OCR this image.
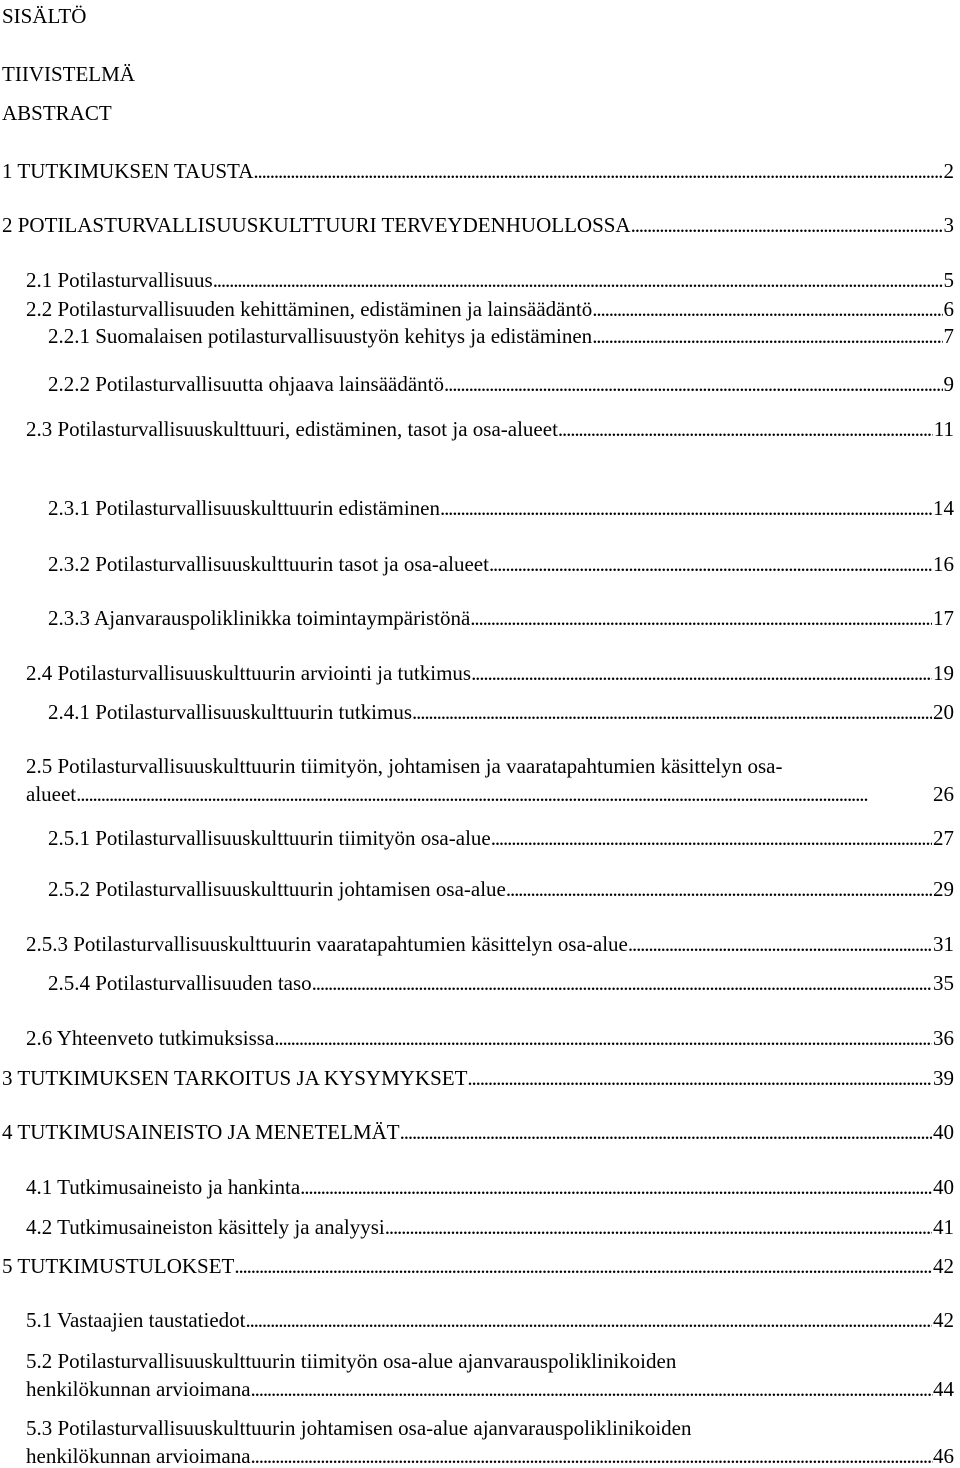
SISÄLTÖ
TIIVISTELMÄ
ABSTRACT
1 TUTKIMUKSEN TAUSTA . . .	2
2 POTILASTURVALLISUUSKULTTUURI TERVEYDENHUOLLOSSA . . .	3
2.1 Potilasturvallisuus . . .	5
2.2 Potilasturvallisuuden kehittäminen, edistäminen ja lainsäädäntö . . .	6
2.2.1 Suomalaisen potilasturvallisuustyön kehitys ja edistäminen . . .	7
2.2.2 Potilasturvallisuutta ohjaava lainsäädäntö . . .	9
2.3 Potilasturvallisuuskulttuuri, edistäminen, tasot ja osa-alueet . . .	11
2.3.1 Potilasturvallisuuskulttuurin edistäminen . . .	14
2.3.2 Potilasturvallisuuskulttuurin tasot ja osa-alueet . . .	16
2.3.3 Ajanvarauspoliklinikka toimintaympäristönä . . .	17
2.4 Potilasturvallisuuskulttuurin arviointi ja tutkimus . . .	19
2.4.1 Potilasturvallisuuskulttuurin tutkimus . . .	20
2.5 Potilasturvallisuuskulttuurin tiimityön, johtamisen ja vaaratapahtumien käsittelyn osa-
alueet . . .	26
2.5.1 Potilasturvallisuuskulttuurin tiimityön osa-alue . . .	27
2.5.2 Potilasturvallisuuskulttuurin johtamisen osa-alue . . .	29
2.5.3 Potilasturvallisuuskulttuurin vaaratapahtumien käsittelyn osa-alue . . .	31
2.5.4 Potilasturvallisuuden taso . . .	35
2.6 Yhteenveto tutkimuksissa . . .	36
3 TUTKIMUKSEN TARKOITUS JA KYSYMYKSET . . .	39
4 TUTKIMUSAINEISTO JA MENETELMÄT . . .	40
4.1 Tutkimusaineisto ja hankinta . . .	40
4.2 Tutkimusaineiston käsittely ja analyysi . . .	41
5 TUTKIMUSTULOKSET . . .	42
5.1 Vastaajien taustatiedot . . .	42
5.2 Potilasturvallisuuskulttuurin tiimityön osa-alue ajanvarauspoliklinikoiden
henkilökunnan arvioimana . . .	44
5.3 Potilasturvallisuuskulttuurin johtamisen osa-alue ajanvarauspoliklinikoiden
henkilökunnan arvioimana . . .	46
